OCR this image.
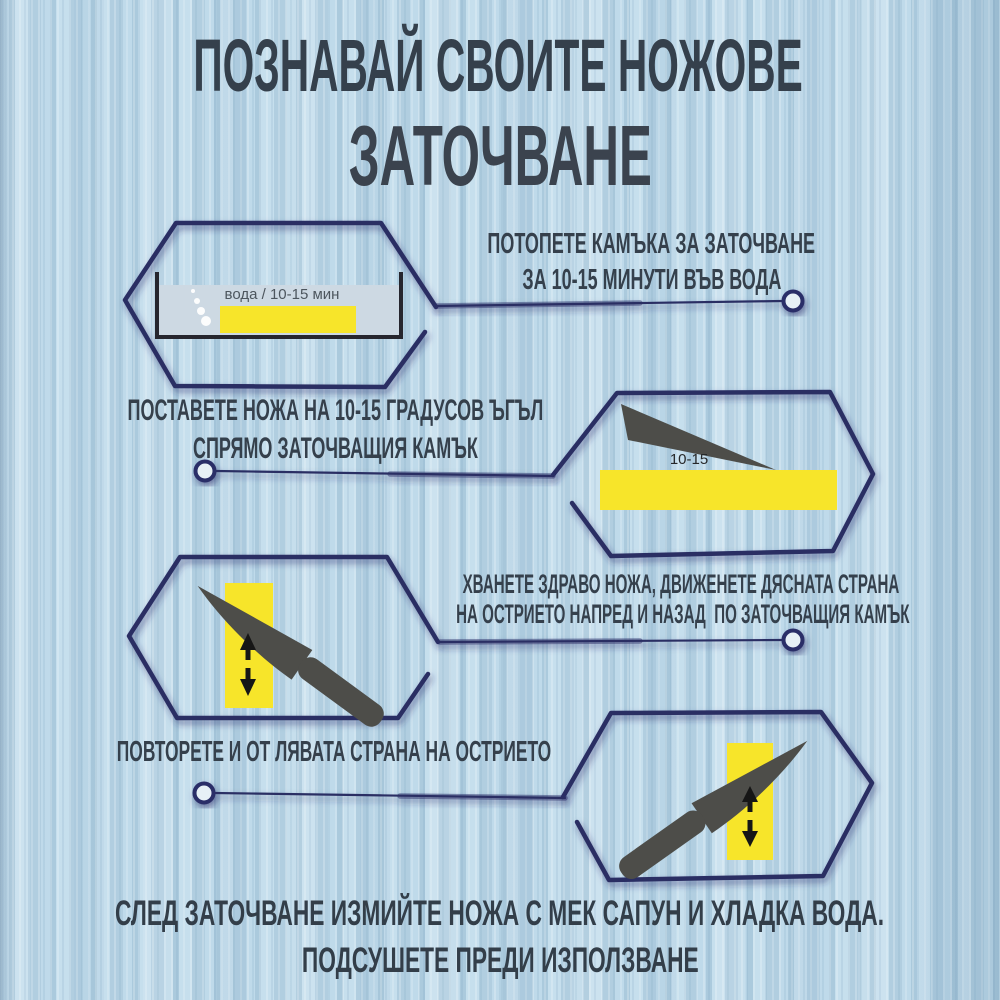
ПОЗНАВАЙ СВОИТЕ НОЖОВЕ
ЗАТОЧВАНЕ
ПОТОПЕТЕ КАМЪКА ЗА ЗАТОЧВАНЕ
ЗА 10-15 МИНУТИ ВЪВ ВОДА
ПОСТАВЕТЕ НОЖА НА 10-15 ГРАДУСОВ ЪГЪЛ
СПРЯМО ЗАТОЧВАЩИЯ КАМЪК
ХВАНЕТЕ ЗДРАВО НОЖА, ДВИЖЕНЕТЕ ДЯСНАТА СТРАНА
НА ОСТРИЕТО НАПРЕД И НАЗАД  ПО ЗАТОЧВАЩИЯ КАМЪК
ПОВТОРЕТЕ И ОТ ЛЯВАТА СТРАНА НА ОСТРИЕТО
СЛЕД ЗАТОЧВАНЕ ИЗМИЙТЕ НОЖА С МЕК САПУН И ХЛАДКА ВОДА.
ПОДСУШЕТЕ ПРЕДИ ИЗПОЛЗВАНЕ
вода / 10-15 мин
10-15
